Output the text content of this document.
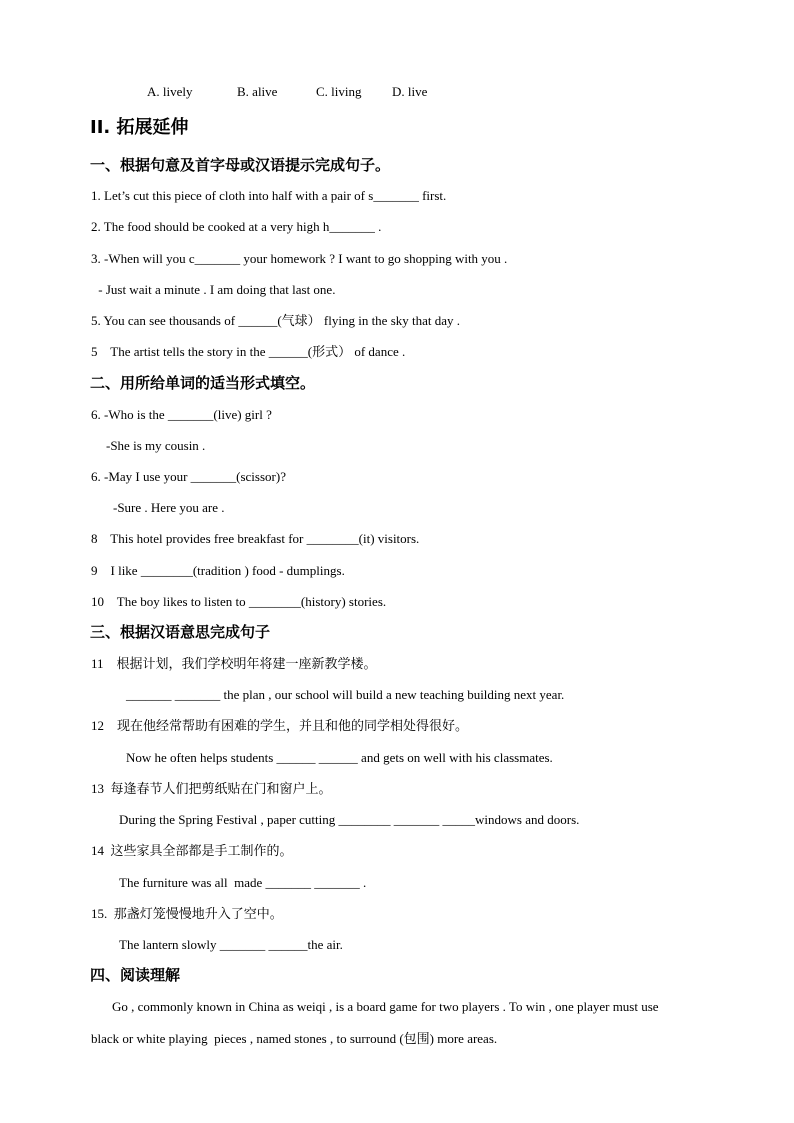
A. lively	B. alive	C. living D. live
II. 拓展延伸
一、根据句意及首字母或汉语提示完成句子。
1. Let’s cut this piece of cloth into half with a pair of s_______ first.
2. The food should be cooked at a very high h_______ .
3. -When will you c_______ your homework ? I want to go shopping with you .
- Just wait a minute . I am doing that last one.
5. You can see thousands of ______(气球） flying in the sky that day .
5    The artist tells the story in the ______(形式） of dance .
二、用所给单词的适当形式填空。
6. -Who is the _______(live) girl ?
-She is my cousin .
6. -May I use your _______(scissor)?
-Sure . Here you are .
8    This hotel provides free breakfast for ________(it) visitors.
9    I like ________(tradition ) food - dumplings.
10    The boy likes to listen to ________(history) stories.
三、根据汉语意思完成句子
11    根据计划，我们学校明年将建一座新教学楼。
_______ _______ the plan , our school will build a new teaching building next year.
12    现在他经常帮助有困难的学生，并且和他的同学相处得很好。
Now he often helps students ______ ______ and gets on well with his classmates.
13  每逢春节人们把剪纸贴在门和窗户上。
During the Spring Festival , paper cutting ________ _______ _____windows and doors.
14  这些家具全部都是手工制作的。
The furniture was all  made _______ _______ .
15.  那盏灯笼慢慢地升入了空中。
The lantern slowly _______ ______the air.
四、阅读理解
Go , commonly known in China as weiqi , is a board game for two players . To win , one player must use
black or white playing  pieces , named stones , to surround (包围) more areas.
